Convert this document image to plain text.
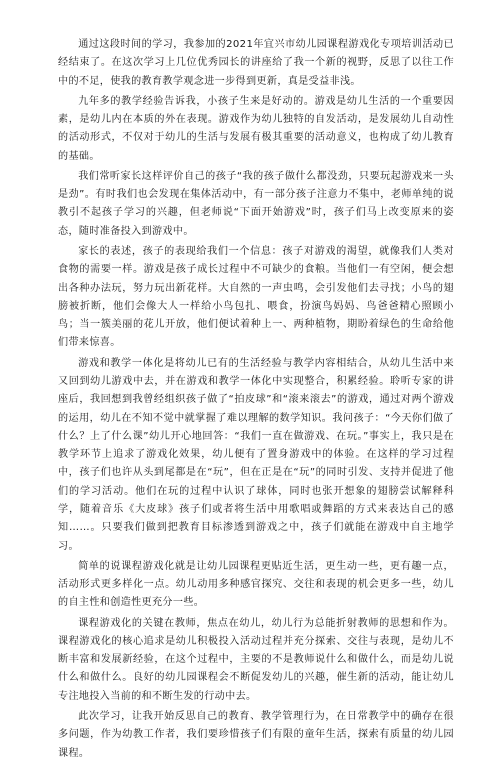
通过这段时间的学习，我参加的2021年宜兴市幼儿园课程游戏化专项培训活动已经结束了。在这次学习上几位优秀园长的讲座给了我一个新的视野，反思了以往工作中的不足，使我的教育教学观念进一步得到更新，真是受益非浅。

九年多的教学经验告诉我，小孩子生来是好动的。游戏是幼儿生活的一个重要因素，是幼儿内在本质的外在表现。游戏作为幼儿独特的自发活动，是发展幼儿自动性的活动形式，不仅对于幼儿的生活与发展有极其重要的活动意义，也构成了幼儿教育的基础。

我们常听家长这样评价自己的孩子“我的孩子做什么都没劲，只要玩起游戏来一头是劲”。有时我们也会发现在集体活动中，有一部分孩子注意力不集中，老师单纯的说教引不起孩子学习的兴趣，但老师说“下面开始游戏”时，孩子们马上改变原来的姿态，随时准备投入到游戏中。

家长的表述，孩子的表现给我们一个信息：孩子对游戏的渴望，就像我们人类对食物的需要一样。游戏是孩子成长过程中不可缺少的食粮。当他们一有空闲，便会想出各种办法玩，努力玩出新花样。大自然的一声虫鸣，会引发他们去寻找；小鸟的翅膀被折断，他们会像大人一样给小鸟包扎、喂食，扮演鸟妈妈、鸟爸爸精心照顾小鸟；当一簇美丽的花儿开放，他们便试着种上一、两种植物，期盼着绿色的生命给他们带来惊喜。

游戏和教学一体化是将幼儿已有的生活经验与教学内容相结合，从幼儿生活中来又回到幼儿游戏中去，并在游戏和教学一体化中实现整合，积累经验。聆听专家的讲座后，我回想到我曾经组织孩子做了“拍皮球”和“滚来滚去”的游戏，通过对两个游戏的运用，幼儿在不知不觉中就掌握了难以理解的数学知识。我问孩子：“今天你们做了什么？上了什么课”幼儿开心地回答：“我们一直在做游戏、在玩。”事实上，我只是在教学环节上追求了游戏化效果，幼儿便有了置身游戏中的体验。在这样的学习过程中，孩子们也许从头到尾都是在“玩”，但在正是在“玩”的同时引发、支持并促进了他们的学习活动。他们在玩的过程中认识了球体，同时也张开想象的翅膀尝试解释科学，随着音乐《大皮球》孩子们或者将生活中用歌唱或舞蹈的方式来表达自己的感知……。只要我们做到把教育目标渗透到游戏之中，孩子们就能在游戏中自主地学习。

简单的说课程游戏化就是让幼儿园课程更贴近生活，更生动一些，更有趣一点，活动形式更多样化一点。幼儿动用多种感官探究、交往和表现的机会更多一些，幼儿的自主性和创造性更充分一些。

课程游戏化的关键在教师，焦点在幼儿，幼儿行为总能折射教师的思想和作为。课程游戏化的核心追求是幼儿积极投入活动过程并充分探索、交往与表现，是幼儿不断丰富和发展新经验，在这个过程中，主要的不是教师说什么和做什么，而是幼儿说什么和做什么。良好的幼儿园课程会不断促发幼儿的兴趣，催生新的活动，能让幼儿专注地投入当前的和不断生发的行动中去。

此次学习，让我开始反思自己的教育、教学管理行为，在日常教学中的确存在很多问题，作为幼教工作者，我们要珍惜孩子们有限的童年生活，探索有质量的幼儿园课程。
